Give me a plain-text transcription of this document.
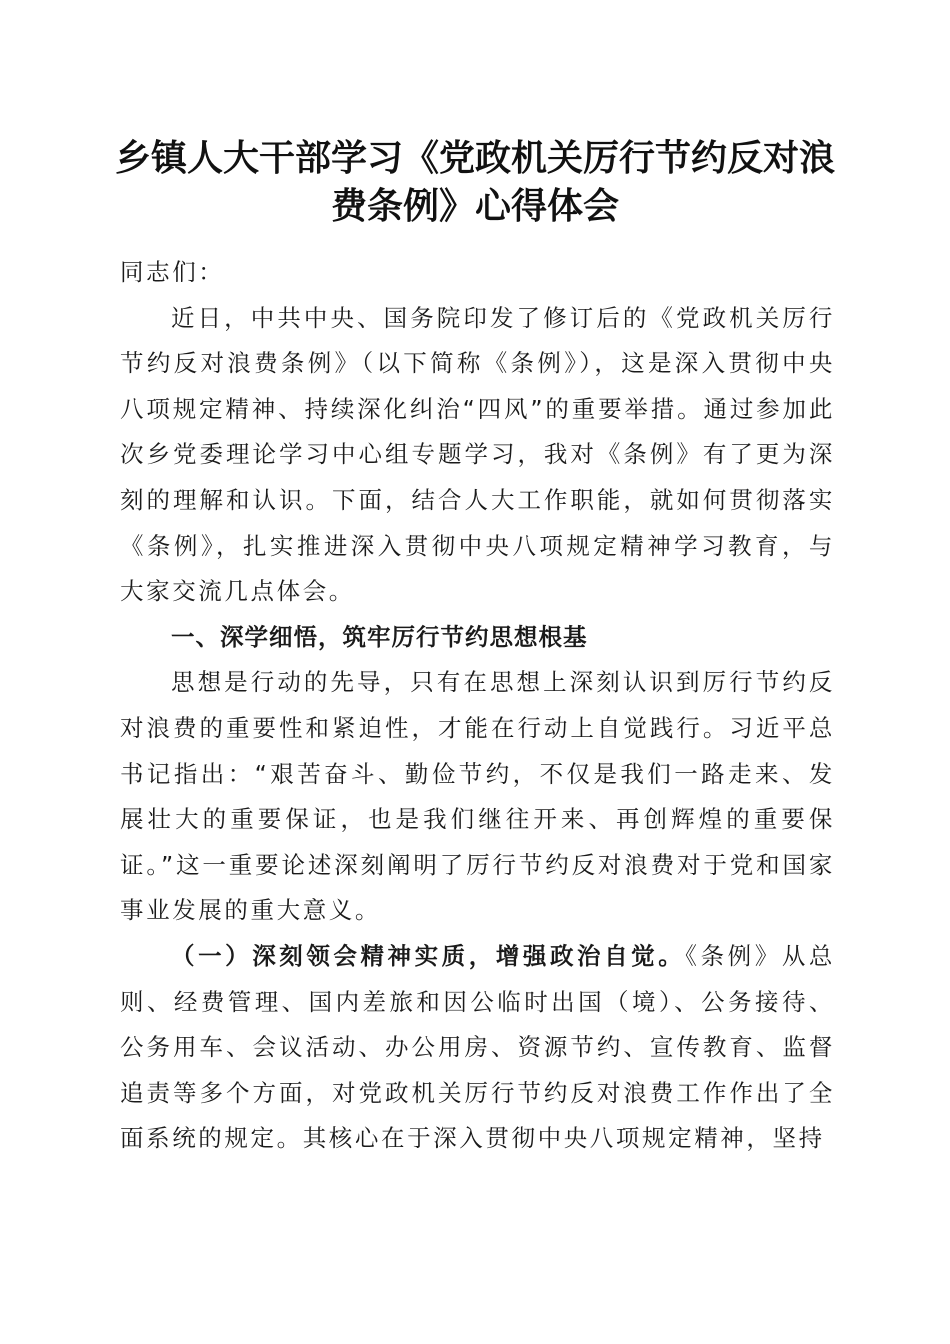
乡镇人大干部学习《党政机关厉行节约反对浪
费条例》心得体会

同志们：

近日，中共中央、国务院印发了修订后的《党政机关厉行节约反对浪费条例》（以下简称《条例》），这是深入贯彻中央八项规定精神、持续深化纠治“四风”的重要举措。通过参加此次乡党委理论学习中心组专题学习，我对《条例》有了更为深刻的理解和认识。下面，结合人大工作职能，就如何贯彻落实《条例》，扎实推进深入贯彻中央八项规定精神学习教育，与大家交流几点体会。

一、深学细悟，筑牢厉行节约思想根基

思想是行动的先导，只有在思想上深刻认识到厉行节约反对浪费的重要性和紧迫性，才能在行动上自觉践行。习近平总书记指出：“艰苦奋斗、勤俭节约，不仅是我们一路走来、发展壮大的重要保证，也是我们继往开来、再创辉煌的重要保证。”这一重要论述深刻阐明了厉行节约反对浪费对于党和国家事业发展的重大意义。

（一）深刻领会精神实质，增强政治自觉。《条例》从总则、经费管理、国内差旅和因公临时出国（境）、公务接待、公务用车、会议活动、办公用房、资源节约、宣传教育、监督追责等多个方面，对党政机关厉行节约反对浪费工作作出了全面系统的规定。其核心在于深入贯彻中央八项规定精神，坚持
